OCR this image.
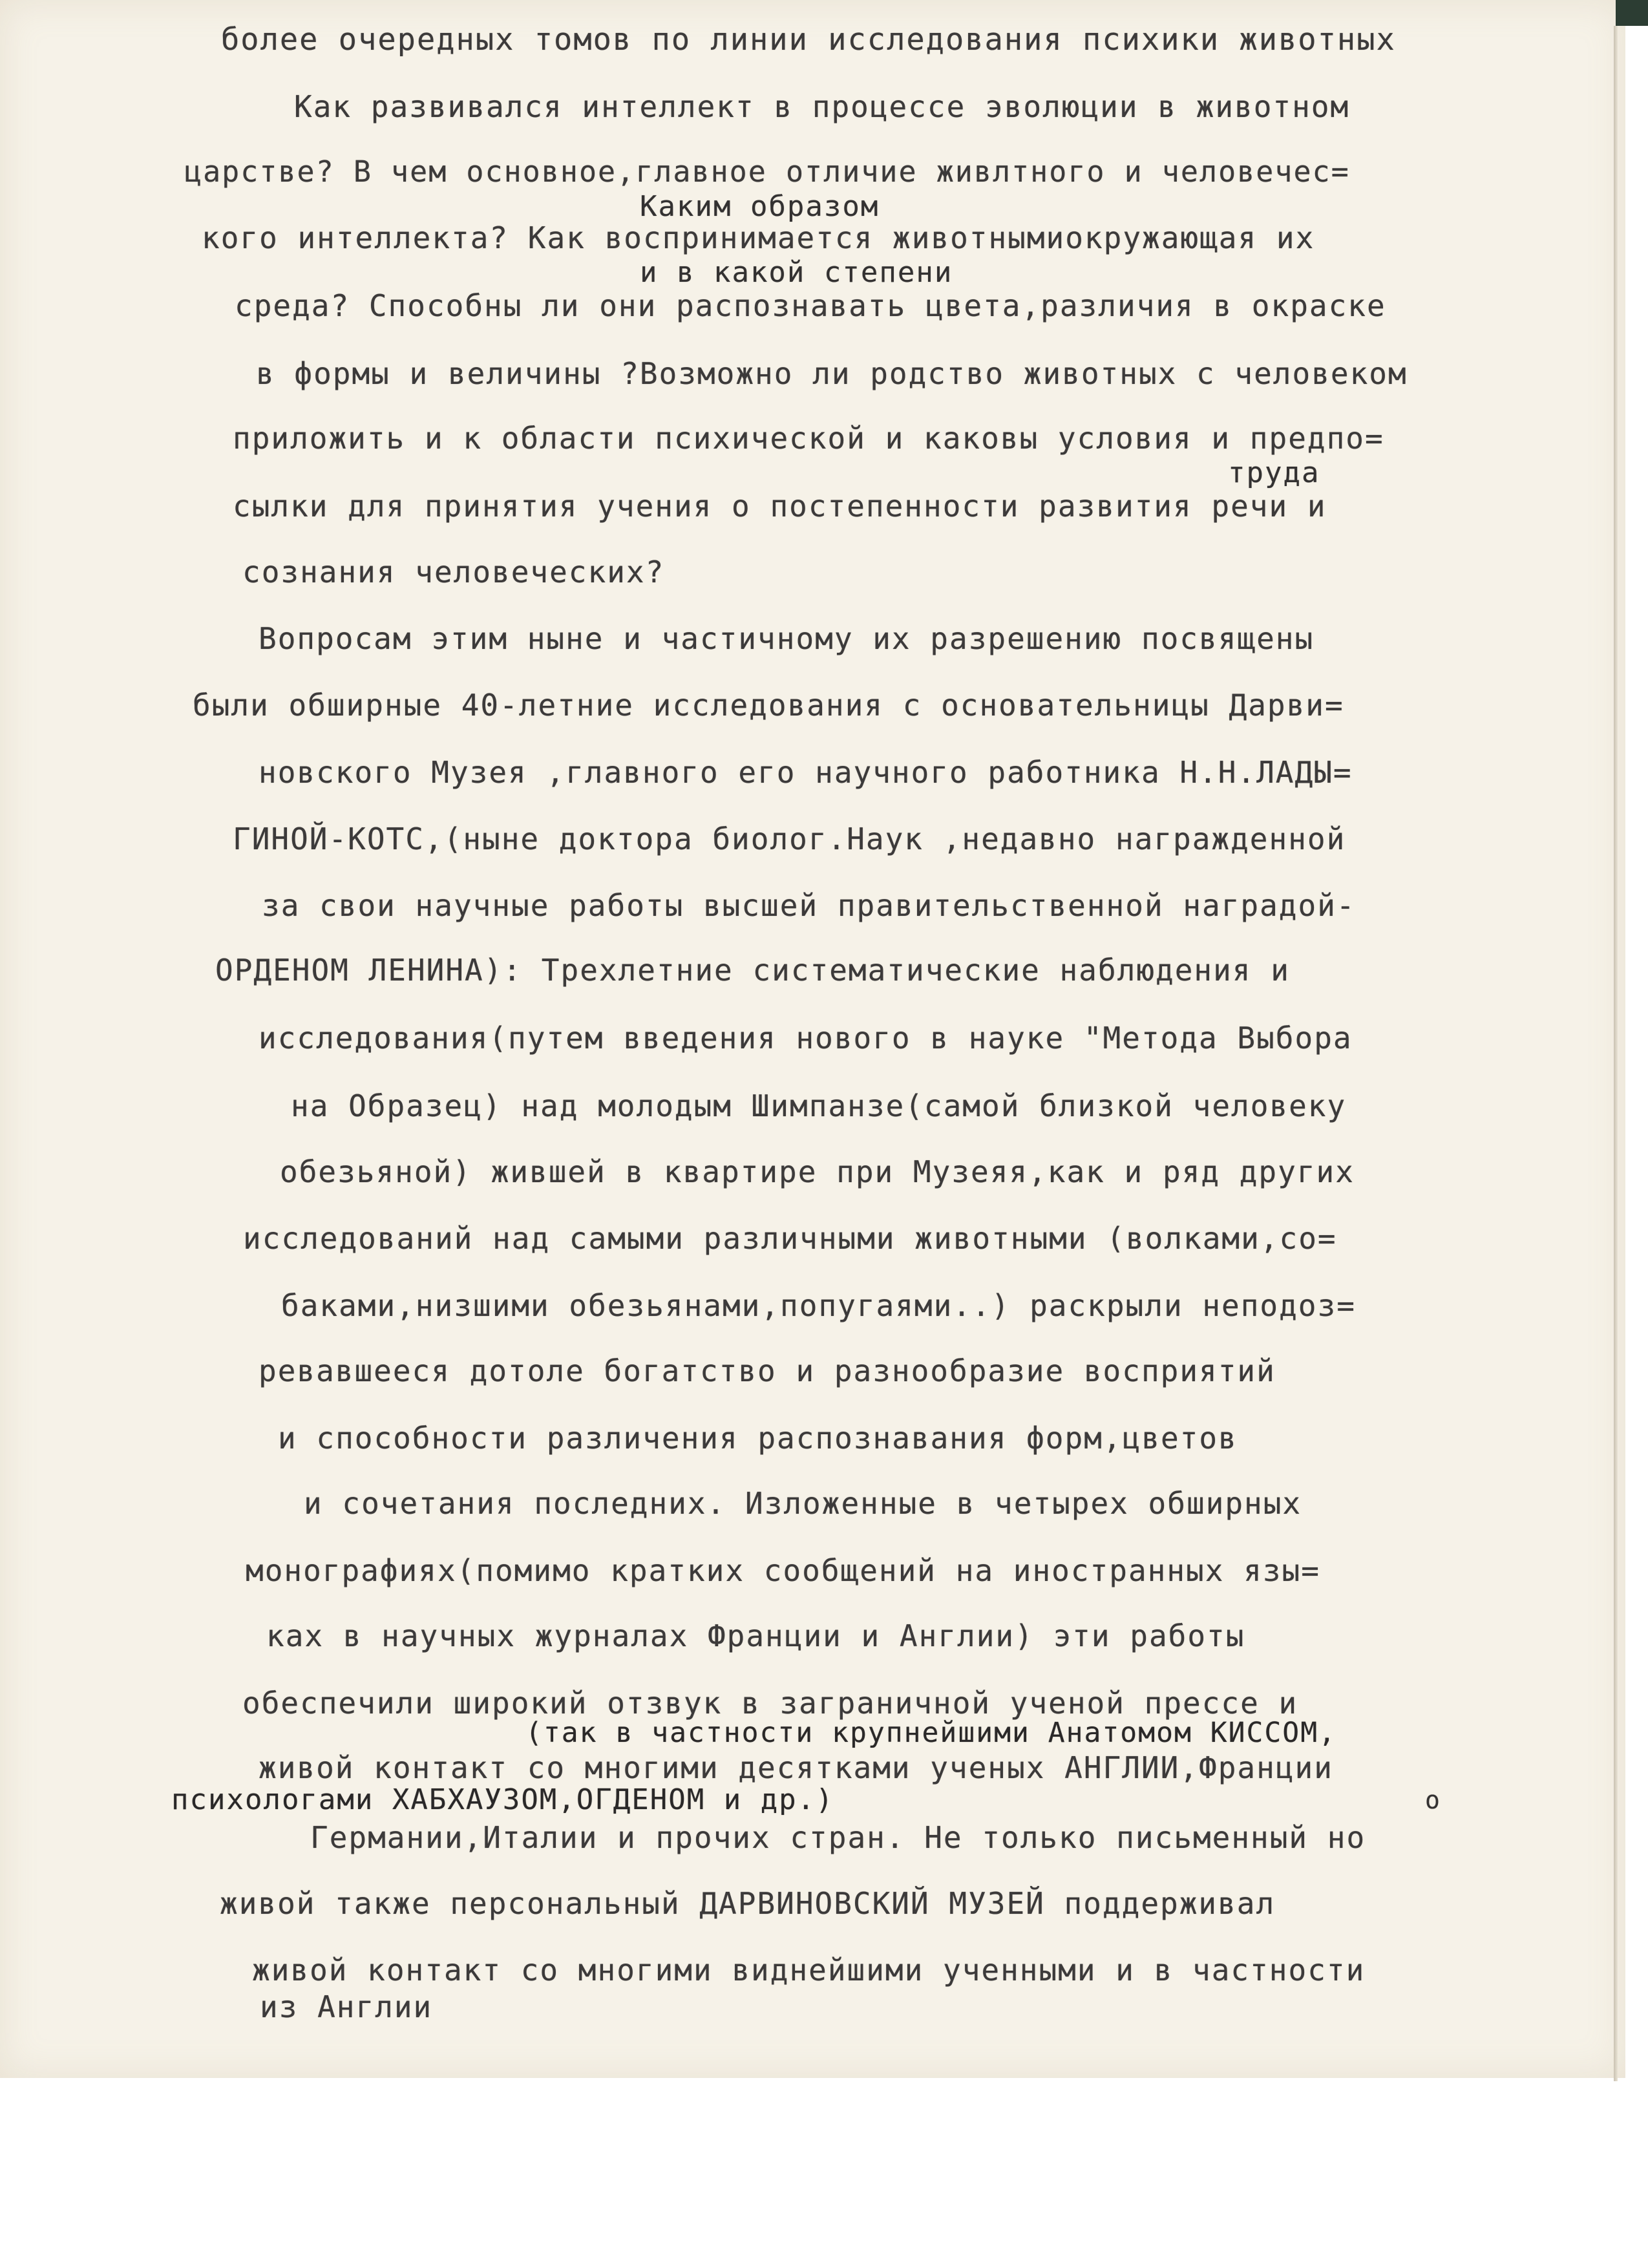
более очередных томов по линии исследования психики животных
Как развивался интеллект в процессе эволюции в животном
царстве? В чем основное,главное отличие живлтного и человечес=
Каким образом
кого интеллекта? Как воспринимается животнымиокружающая их
и в какой степени
среда? Способны ли они распознавать цвета,различия в окраске
в формы и величины ?Возможно ли родство животных с человеком
приложить и к области психической и каковы условия и предпо=
труда
сылки для принятия учения о постепенности развития речи и
сознания человеческих?
Вопросам этим ныне и частичному их разрешению посвящены
были обширные 40-летние исследования с основательницы Дарви=
новского Музея ,главного его научного работника Н.Н.ЛАДЫ=
ГИНОЙ-КОТС,(ныне доктора биолог.Наук ,недавно награжденной
за свои научные работы высшей правительственной наградой-
ОРДЕНОМ ЛЕНИНА): Трехлетние систематические наблюдения и
исследования(путем введения нового в науке "Метода Выбора
на Образец) над молодым Шимпанзе(самой близкой человеку
обезьяной) жившей в квартире при Музеяя,как и ряд других
исследований над самыми различными животными (волками,со=
баками,низшими обезьянами,попугаями..) раскрыли неподоз=
ревавшееся дотоле богатство и разнообразие восприятий
и способности различения распознавания форм,цветов
и сочетания последних. Изложенные в четырех обширных
монографиях(помимо кратких сообщений на иностранных язы=
ках в научных журналах Франции и Англии) эти работы
обеспечили широкий отзвук в заграничной ученой прессе и
(так в частности крупнейшими Анатомом КИССОМ,
живой контакт со многими десятками ученых АНГЛИИ,Франции
психологами ХАБХАУЗОМ,ОГДЕНОМ и др.)	о
Германии,Италии и прочих стран. Не только письменный но
живой также персональный ДАРВИНОВСКИЙ МУЗЕЙ поддерживал
живой контакт со многими виднейшими ученными и в частности
из Англии
